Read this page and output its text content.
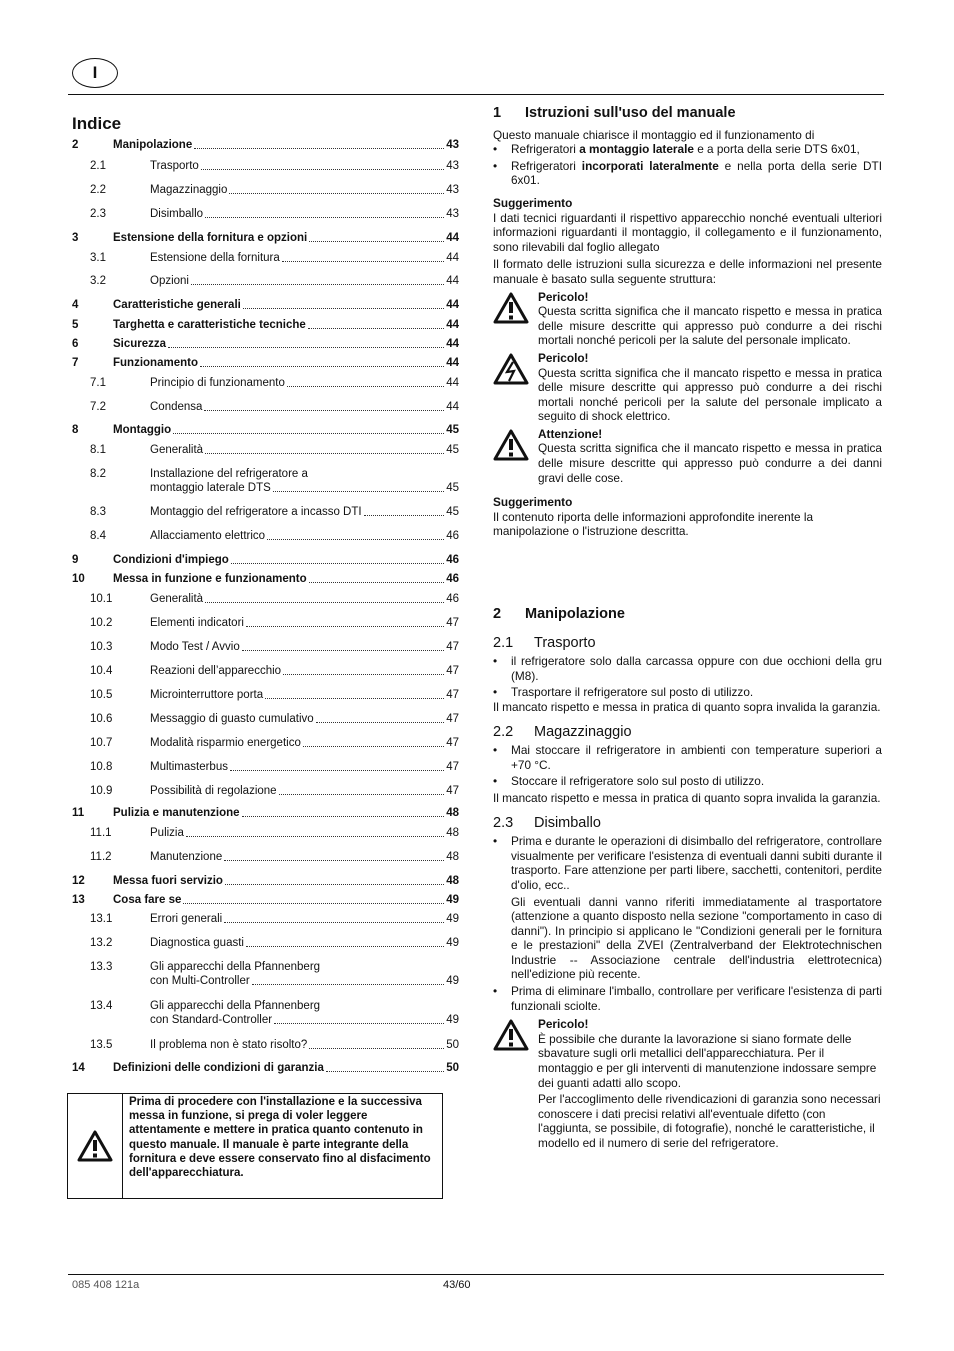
I
Indice
2	Manipolazione	43
2.1	Trasporto	43
2.2	Magazzinaggio	43
2.3	Disimballo	43
3	Estensione della fornitura e opzioni	44
3.1	Estensione della fornitura	44
3.2	Opzioni	44
4	Caratteristiche generali	44
5	Targhetta e caratteristiche tecniche	44
6	Sicurezza	44
7	Funzionamento	44
7.1	Principio di funzionamento	44
7.2	Condensa	44
8	Montaggio	45
8.1	Generalità	45
8.2	Installazione del refrigeratore a
montaggio laterale DTS	45
8.3	Montaggio del refrigeratore a incasso DTI	45
8.4	Allacciamento elettrico	46
9	Condizioni d'impiego	46
10 Messa in funzione e funzionamento	46
10.1	Generalità	46
10.2	Elementi indicatori	47
10.3	Modo Test / Avvio	47
10.4	Reazioni dell’apparecchio	47
10.5	Microinterruttore porta	47
10.6	Messaggio di guasto cumulativo	47
10.7	Modalità risparmio energetico	47
10.8	Multimasterbus	47
10.9	Possibilità di regolazione	47
11	Pulizia e manutenzione	48
11.1	Pulizia	48
11.2	Manutenzione	48
12 Messa fuori servizio	48
13 Cosa fare se	49
13.1	Errori generali	49
13.2	Diagnostica guasti	49
13.3	Gli apparecchi della Pfannenberg
con Multi-Controller	49
13.4	Gli apparecchi della Pfannenberg
con Standard-Controller	49
13.5	Il problema non è stato risolto?	50
14 Definizioni delle condizioni di garanzia	50
Prima di procedere con l'installazione e la successiva messa in funzione, si prega di voler leggere attentamente e mettere in pratica quanto contenuto in questo manuale. Il manuale è parte integrante della fornitura e deve essere conservato fino al disfacimento dell'apparecchiatura.
1 Istruzioni sull'uso del manuale

Questo manuale chiarisce il montaggio ed il funzionamento di

• Refrigeratori a montaggio laterale e a porta della serie DTS 6x01,
• Refrigeratori incorporati lateralmente e nella porta della serie DTI 6x01.

Suggerimento

I dati tecnici riguardanti il rispettivo apparecchio nonché eventuali ulteriori informazioni riguardanti il montaggio, il collegamento e il funzionamento, sono rilevabili dal foglio allegato

Il formato delle istruzioni sulla sicurezza e delle informazioni nel presente manuale è basato sulla seguente struttura:

Pericolo!

Questa scritta significa che il mancato rispetto e messa in pratica delle misure descritte qui appresso può condurre a dei rischi mortali nonché pericoli per la salute del personale implicato.

Pericolo!

Questa scritta significa che il mancato rispetto e messa in pratica delle misure descritte qui appresso può condurre a dei rischi mortali nonché pericoli per la salute del personale implicato a seguito di shock elettrico.

Attenzione!

Questa scritta significa che il mancato rispetto e messa in pratica delle misure descritte qui appresso può condurre a dei danni gravi delle cose.

Suggerimento

Il contenuto riporta delle informazioni approfondite inerente la manipolazione o l'istruzione descritta.

2 Manipolazione
2.1 Trasporto
• il refrigeratore solo dalla carcassa oppure con due occhioni della gru (M8).
• Trasportare il refrigeratore sul posto di utilizzo.

Il mancato rispetto e messa in pratica di quanto sopra invalida la garanzia.

2.2 Magazzinaggio
• Mai stoccare il refrigeratore in ambienti con temperature superiori a +70 °C.
• Stoccare il refrigeratore solo sul posto di utilizzo.

Il mancato rispetto e messa in pratica di quanto sopra invalida la garanzia.

2.3 Disimballo
• Prima e durante le operazioni di disimballo del refrigeratore, controllare visualmente per verificare l'esistenza di eventuali danni subiti durante il trasporto. Fare attenzione per parti libere, sacchetti, contenitori, perdite d'olio, ecc..

Gli eventuali danni vanno riferiti immediatamente al trasportatore (attenzione a quanto disposto nella sezione "comportamento in caso di danni"). In principio si applicano le "Condizioni generali per le fornitura e le prestazioni" della ZVEI (Zentralverband der Elektrotechnischen Industrie -- Associazione centrale dell'industria elettrotecnica) nell'edizione più recente.

• Prima di eliminare l'imballo, controllare per verificare l'esistenza di parti funzionali sciolte.

Pericolo!

È possibile che durante la lavorazione si siano formate delle sbavature sugli orli metallici dell'apparecchiatura. Per il montaggio e per gli interventi di manutenzione indossare sempre dei guanti adatti allo scopo.

Per l'accoglimento delle rivendicazioni di garanzia sono necessari conoscere i dati precisi relativi all'eventuale difetto (con l'aggiunta, se possibile, di fotografie), nonché le caratteristiche, il modello ed il numero di serie del refrigeratore.

085 408 121a	43/60
